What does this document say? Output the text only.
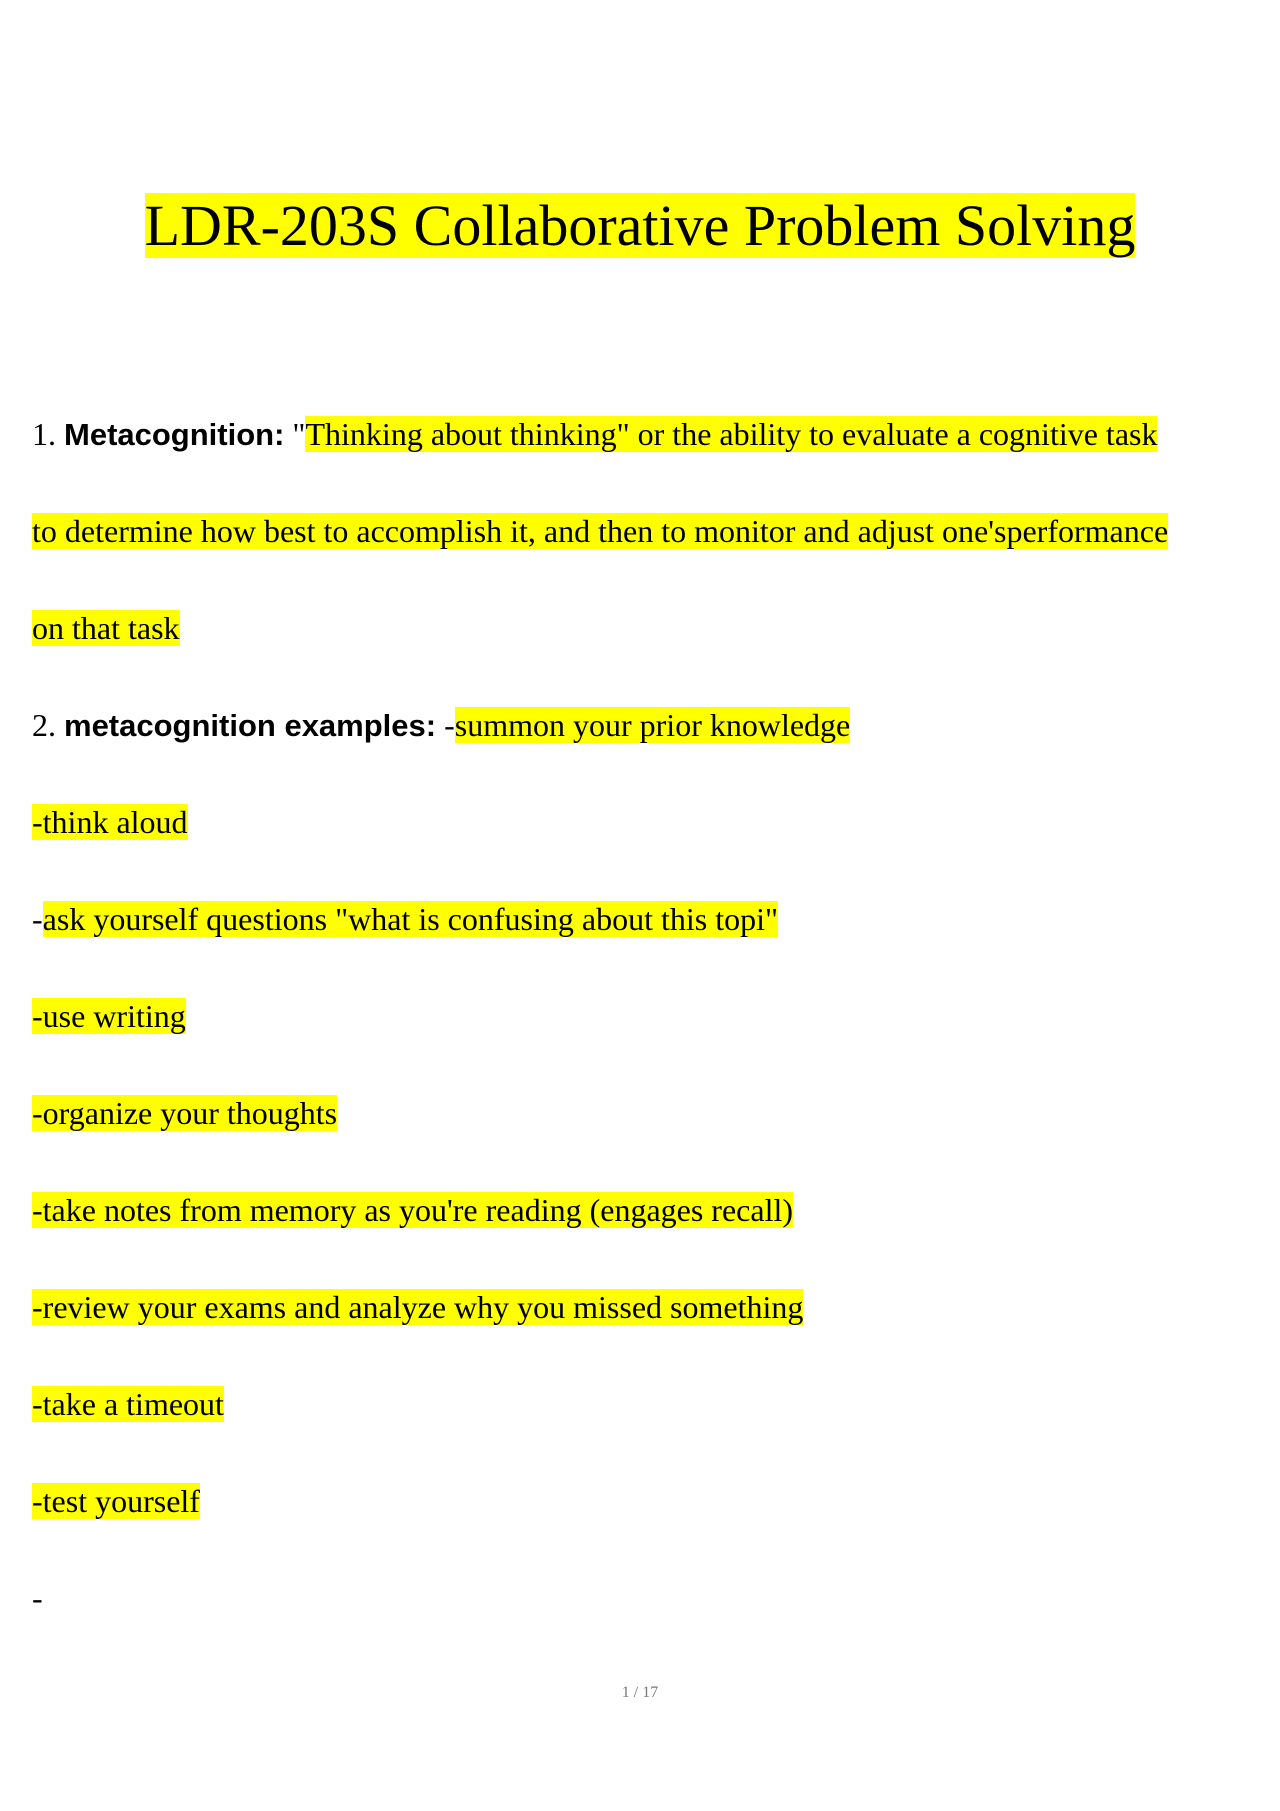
LDR-203S Collaborative Problem Solving
1. Metacognition: "Thinking about thinking" or the ability to evaluate a cognitive task
to determine how best to accomplish it, and then to monitor and adjust one'sperformance
on that task
2. metacognition examples: -summon your prior knowledge
-think aloud
-ask yourself questions "what is confusing about this topi"
-use writing
-organize your thoughts
-take notes from memory as you're reading (engages recall)
-review your exams and analyze why you missed something
-take a timeout
-test yourself
-
1 / 17
